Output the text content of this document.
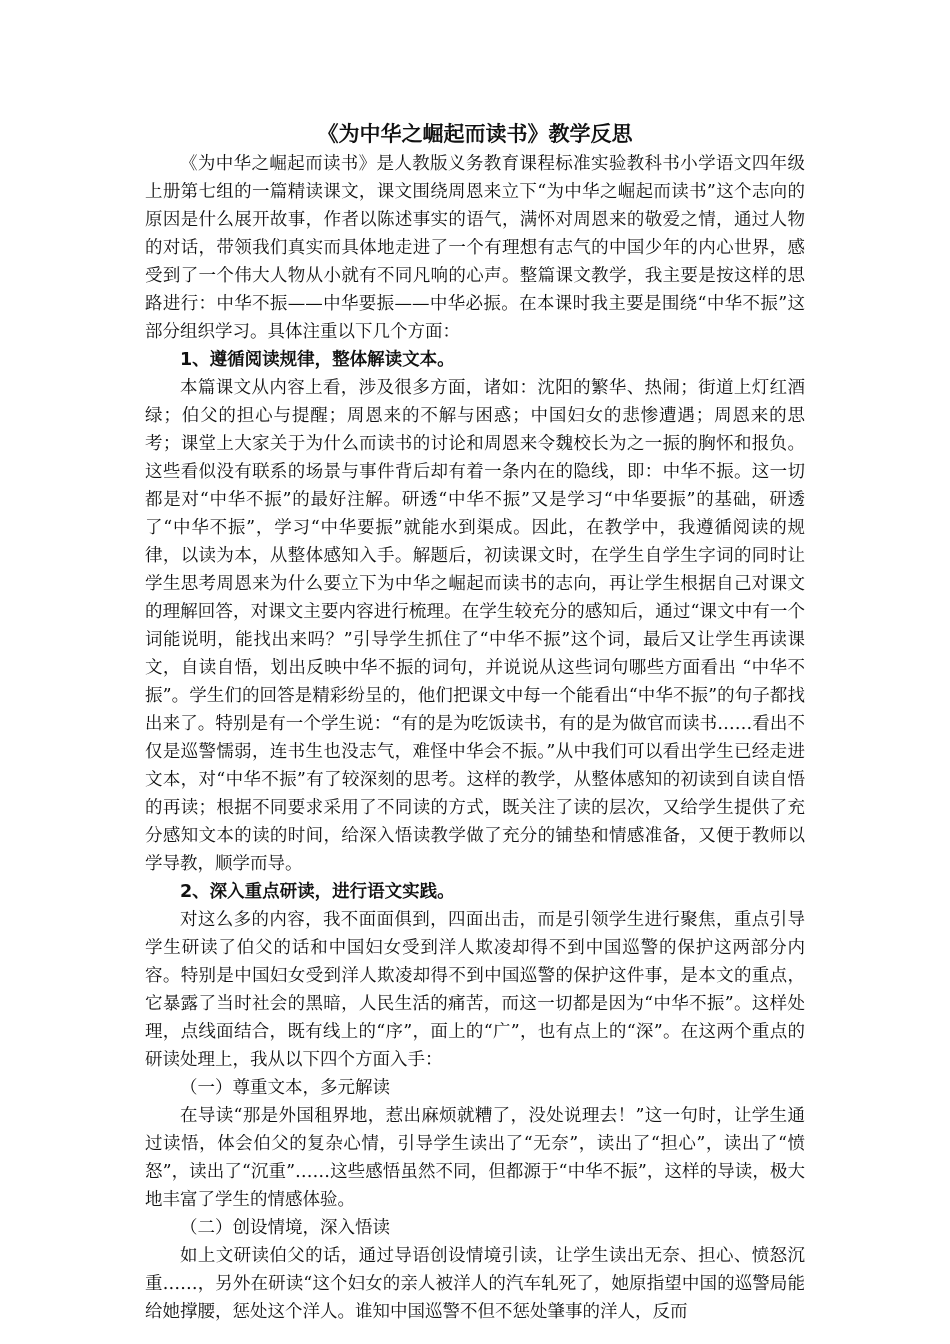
《为中华之崛起而读书》教学反思

《为中华之崛起而读书》是人教版义务教育课程标准实验教科书小学语文四年级上册第七组的一篇精读课文，课文围绕周恩来立下“为中华之崛起而读书”这个志向的原因是什么展开故事，作者以陈述事实的语气，满怀对周恩来的敬爱之情，通过人物的对话，带领我们真实而具体地走进了一个有理想有志气的中国少年的内心世界，感受到了一个伟大人物从小就有不同凡响的心声。整篇课文教学，我主要是按这样的思路进行：中华不振——中华要振——中华必振。在本课时我主要是围绕“中华不振”这部分组织学习。具体注重以下几个方面：

1、遵循阅读规律，整体解读文本。

本篇课文从内容上看，涉及很多方面，诸如：沈阳的繁华、热闹；街道上灯红酒绿；伯父的担心与提醒；周恩来的不解与困惑；中国妇女的悲惨遭遇；周恩来的思考；课堂上大家关于为什么而读书的讨论和周恩来令魏校长为之一振的胸怀和报负。这些看似没有联系的场景与事件背后却有着一条内在的隐线，即：中华不振。这一切都是对“中华不振”的最好注解。研透“中华不振”又是学习“中华要振”的基础，研透了“中华不振”，学习“中华要振”就能水到渠成。因此，在教学中，我遵循阅读的规律，以读为本，从整体感知入手。解题后，初读课文时，在学生自学生字词的同时让学生思考周恩来为什么要立下为中华之崛起而读书的志向，再让学生根据自己对课文的理解回答，对课文主要内容进行梳理。在学生较充分的感知后，通过“课文中有一个词能说明，能找出来吗？”引导学生抓住了“中华不振”这个词，最后又让学生再读课文，自读自悟，划出反映中华不振的词句，并说说从这些词句哪些方面看出 “中华不振”。学生们的回答是精彩纷呈的，他们把课文中每一个能看出“中华不振”的句子都找出来了。特别是有一个学生说：“有的是为吃饭读书，有的是为做官而读书……看出不仅是巡警懦弱，连书生也没志气，难怪中华会不振。”从中我们可以看出学生已经走进文本，对“中华不振”有了较深刻的思考。这样的教学，从整体感知的初读到自读自悟的再读；根据不同要求采用了不同读的方式，既关注了读的层次，又给学生提供了充分感知文本的读的时间，给深入悟读教学做了充分的铺垫和情感准备，又便于教师以学导教，顺学而导。

2、深入重点研读，进行语文实践。

对这么多的内容，我不面面俱到，四面出击，而是引领学生进行聚焦，重点引导学生研读了伯父的话和中国妇女受到洋人欺凌却得不到中国巡警的保护这两部分内容。特别是中国妇女受到洋人欺凌却得不到中国巡警的保护这件事，是本文的重点，它暴露了当时社会的黑暗，人民生活的痛苦，而这一切都是因为“中华不振”。这样处理，点线面结合，既有线上的“序”，面上的“广”，也有点上的“深”。在这两个重点的研读处理上，我从以下四个方面入手：

（一）尊重文本，多元解读

在导读“那是外国租界地，惹出麻烦就糟了，没处说理去！”这一句时，让学生通过读悟，体会伯父的复杂心情，引导学生读出了“无奈”，读出了“担心”，读出了“愤怒”，读出了“沉重”……这些感悟虽然不同，但都源于“中华不振”，这样的导读，极大地丰富了学生的情感体验。

（二）创设情境，深入悟读

如上文研读伯父的话，通过导语创设情境引读，让学生读出无奈、担心、愤怒沉重……，另外在研读“这个妇女的亲人被洋人的汽车轧死了，她原指望中国的巡警局能给她撑腰，惩处这个洋人。谁知中国巡警不但不惩处肇事的洋人，反而
